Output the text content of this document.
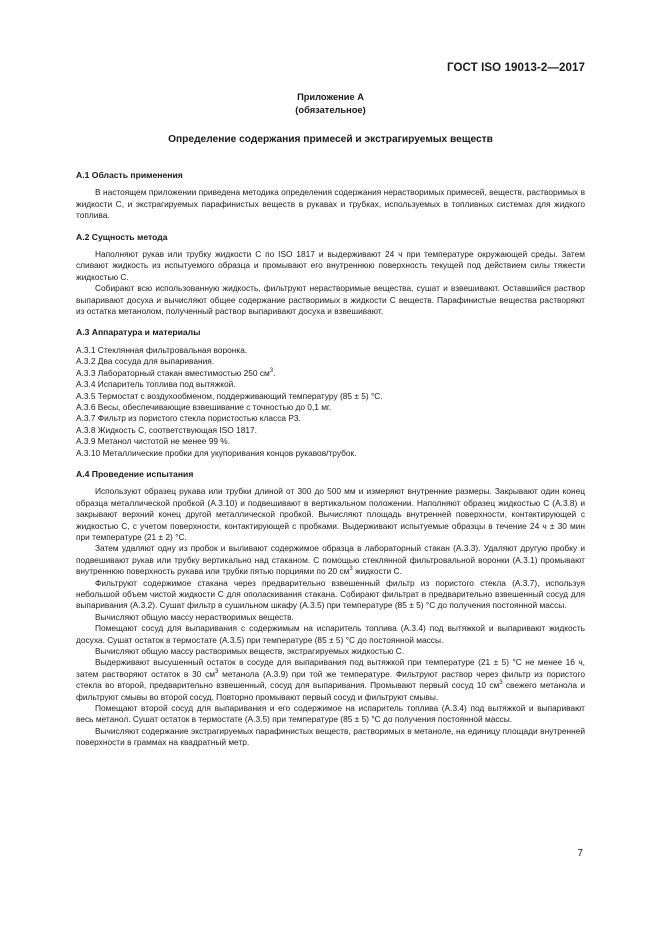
ГОСТ ISO 19013-2—2017
Приложение А
(обязательное)
Определение содержания примесей и экстрагируемых веществ
А.1 Область применения

В настоящем приложении приведена методика определения содержания нерастворимых примесей, веществ, растворимых в жидкости С, и экстрагируемых парафинистых веществ в рукавах и трубках, используемых в топливных системах для жидкого топлива.

А.2 Сущность метода

Наполняют рукав или трубку жидкости С по ISO 1817 и выдерживают 24 ч при температуре окружающей среды. Затем сливают жидкость из испытуемого образца и промывают его внутреннюю поверхность текущей под действием силы тяжести жидкостью С.

Собирают всю использованную жидкость, фильтруют нерастворимые вещества, сушат и взвешивают. Оставшийся раствор выпаривают досуха и вычисляют общее содержание растворимых в жидкости С веществ. Парафинистые вещества растворяют из остатка метанолом, полученный раствор выпаривают досуха и взвешивают.

А.3 Аппаратура и материалы

А.3.1 Стеклянная фильтровальная воронка.

А.3.2 Два сосуда для выпаривания.

А.3.3 Лабораторный стакан вместимостью 250 $см^3$.

А.3.4 Испаритель топлива под вытяжкой.

А.3.5 Термостат с воздухообменом, поддерживающий температуру (85 ± 5) °С.

А.3.6 Весы, обеспечивающие взвешивание с точностью до 0,1 мг.

А.3.7 Фильтр из пористого стекла пористостью класса Р3.

А.3.8 Жидкость С, соответствующая ISO 1817.

А.3.9 Метанол чистотой не менее 99 %.

А.3.10 Металлические пробки для укупоривания концов рукавов/трубок.

А.4 Проведение испытания

Используют образец рукава или трубки длиной от 300 до 500 мм и измеряют внутренние размеры. Закрывают один конец образца металлической пробкой (А.3.10) и подвешивают в вертикальном положении. Наполняют образец жидкостью С (А.3.8) и закрывают верхний конец другой металлической пробкой. Вычисляют площадь внутренней поверхности, контактирующей с жидкостью С, с учетом поверхности, контактирующей с пробками. Выдерживают испытуемые образцы в течение 24 ч ± 30 мин при температуре (21 ± 2) °С.

Затем удаляют одну из пробок и выливают содержимое образца в лабораторный стакан (А.3.3). Удаляют другую пробку и подвешивают рукав или трубку вертикально над стаканом. С помощью стеклянной фильтровальной воронки (А.3.1) промывают внутреннюю поверхность рукава или трубки пятью порциями по 20 $см^3$ жидкости С.

Фильтруют содержимое стакана через предварительно взвешенный фильтр из пористого стекла (А.3.7), используя небольшой объем чистой жидкости С для ополаскивания стакана. Собирают фильтрат в предварительно взвешенный сосуд для выпаривания (А.3.2). Сушат фильтр в сушильном шкафу (А.3.5) при температуре (85 ± 5) °С до получения постоянной массы.

Вычисляют общую массу нерастворимых веществ.

Помещают сосуд для выпаривания с содержимым на испаритель топлива (А.3.4) под вытяжкой и выпаривают жидкость досуха. Сушат остаток в термостате (А.3.5) при температуре (85 ± 5) °С до постоянной массы.

Вычисляют общую массу растворимых веществ, экстрагируемых жидкостью С.

Выдерживают высушенный остаток в сосуде для выпаривания под вытяжкой при температуре (21 ± 5) °С не менее 16 ч, затем растворяют остаток в 30 $см^3$ метанола (А.3.9) при той же температуре. Фильтруют раствор через фильтр из пористого стекла во второй, предварительно взвешенный, сосуд для выпаривания. Промывают первый сосуд 10 $см^3$ свежего метанола и фильтруют смывы во второй сосуд. Повторно промывают первый сосуд и фильтруют смывы.

Помещают второй сосуд для выпаривания и его содержимое на испаритель топлива (А.3.4) под вытяжкой и выпаривают весь метанол. Сушат остаток в термостате (А.3.5) при температуре (85 ± 5) °С до получения постоянной массы.

Вычисляют содержание экстрагируемых парафинистых веществ, растворимых в метаноле, на единицу площади внутренней поверхности в граммах на квадратный метр.

7
